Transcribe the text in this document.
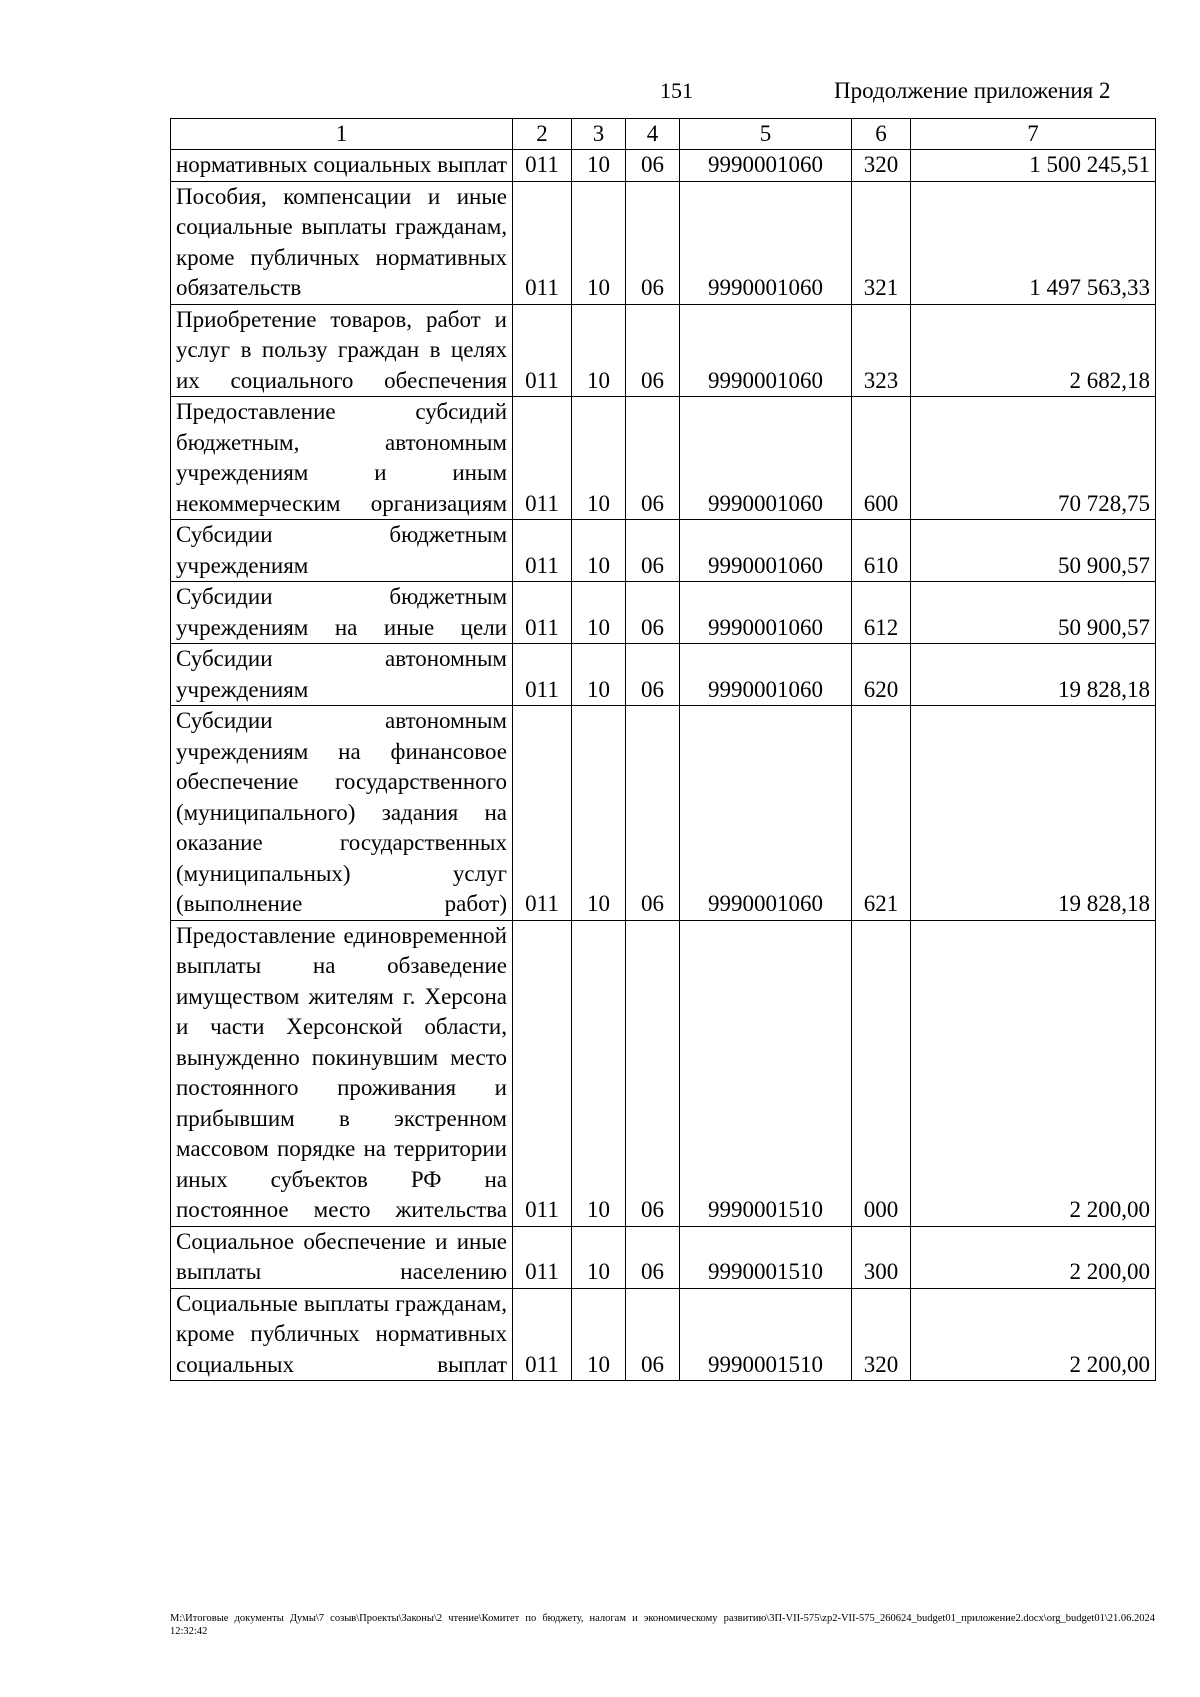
151	Продолжение приложения 2
1	2	3	4	5	6	7
нормативных социальных выплат	011	10	06	9990001060	320	1 500 245,51
Пособия, компенсации и иные социальные выплаты гражданам, кроме публичных нормативных обязательств	011	10	06	9990001060	321	1 497 563,33
Приобретение товаров, работ и услуг в пользу граждан в целях их социального обеспечения	011	10	06	9990001060	323	2 682,18
Предоставление субсидий бюджетным, автономным учреждениям и иным некоммерческим организациям	011	10	06	9990001060	600	70 728,75
Субсидии бюджетным учреждениям	011	10	06	9990001060	610	50 900,57
Субсидии бюджетным учреждениям на иные цели	011	10	06	9990001060	612	50 900,57
Субсидии автономным учреждениям	011	10	06	9990001060	620	19 828,18
Субсидии автономным учреждениям на финансовое обеспечение государственного (муниципального) задания на оказание государственных (муниципальных) услуг (выполнение работ)	011	10	06	9990001060	621	19 828,18
Предоставление единовременной выплаты на обзаведение имуществом жителям г. Херсона и части Херсонской области, вынужденно покинувшим место постоянного проживания и прибывшим в экстренном массовом порядке на территории иных субъектов РФ на постоянное место жительства	011	10	06	9990001510	000	2 200,00
Социальное обеспечение и иные выплаты населению	011	10	06	9990001510	300	2 200,00
Социальные выплаты гражданам, кроме публичных нормативных социальных выплат	011	10	06	9990001510	320	2 200,00
M:\Итоговые документы Думы\7 созыв\Проекты\Законы\2 чтение\Комитет по бюджету, налогам и экономическому развитию\3П-VII-575\zp2-VII-575_260624_budget01_приложение2.docx\org_budget01\21.06.2024 12:32:42
